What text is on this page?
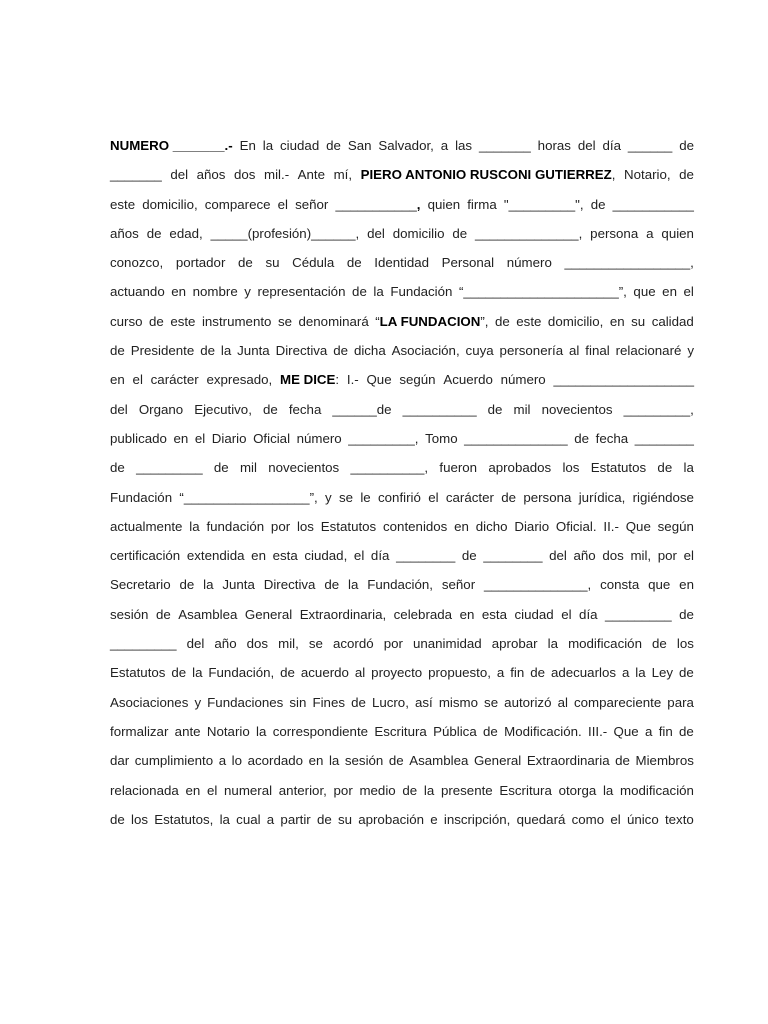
NUMERO _______.- En la ciudad de San Salvador, a las _______ horas del día ______ de
_______ del años dos mil.- Ante mí, PIERO ANTONIO RUSCONI GUTIERREZ, Notario, de
este domicilio, comparece el señor ___________, quien firma "_________", de ___________
años de edad, _____(profesión)______, del domicilio de ______________, persona a quien
conozco, portador de su Cédula de Identidad Personal número _________________,
actuando en nombre y representación de la Fundación “_____________________”, que en el
curso de este instrumento se denominará “LA FUNDACION”, de este domicilio, en su calidad
de Presidente de la Junta Directiva de dicha Asociación, cuya personería al final relacionaré y
en el carácter expresado, ME DICE: I.- Que según Acuerdo número ___________________
del Organo Ejecutivo, de fecha ______de __________ de mil novecientos _________,
publicado en el Diario Oficial número _________, Tomo ______________ de fecha ________
de _________ de mil novecientos __________, fueron aprobados los Estatutos de la
Fundación “_________________”, y se le confirió el carácter de persona jurídica, rigiéndose
actualmente la fundación por los Estatutos contenidos en dicho Diario Oficial. II.- Que según
certificación extendida en esta ciudad, el día ________ de ________ del año dos mil, por el
Secretario de la Junta Directiva de la Fundación, señor ______________, consta que en
sesión de Asamblea General Extraordinaria, celebrada en esta ciudad el día _________ de
_________ del año dos mil, se acordó por unanimidad aprobar la modificación de los
Estatutos de la Fundación, de acuerdo al proyecto propuesto, a fin de adecuarlos a la Ley de
Asociaciones y Fundaciones sin Fines de Lucro, así mismo se autorizó al compareciente para
formalizar ante Notario la correspondiente Escritura Pública de Modificación. III.- Que a fin de
dar cumplimiento a lo acordado en la sesión de Asamblea General Extraordinaria de Miembros
relacionada en el numeral anterior, por medio de la presente Escritura otorga la modificación
de los Estatutos, la cual a partir de su aprobación e inscripción, quedará como el único texto
